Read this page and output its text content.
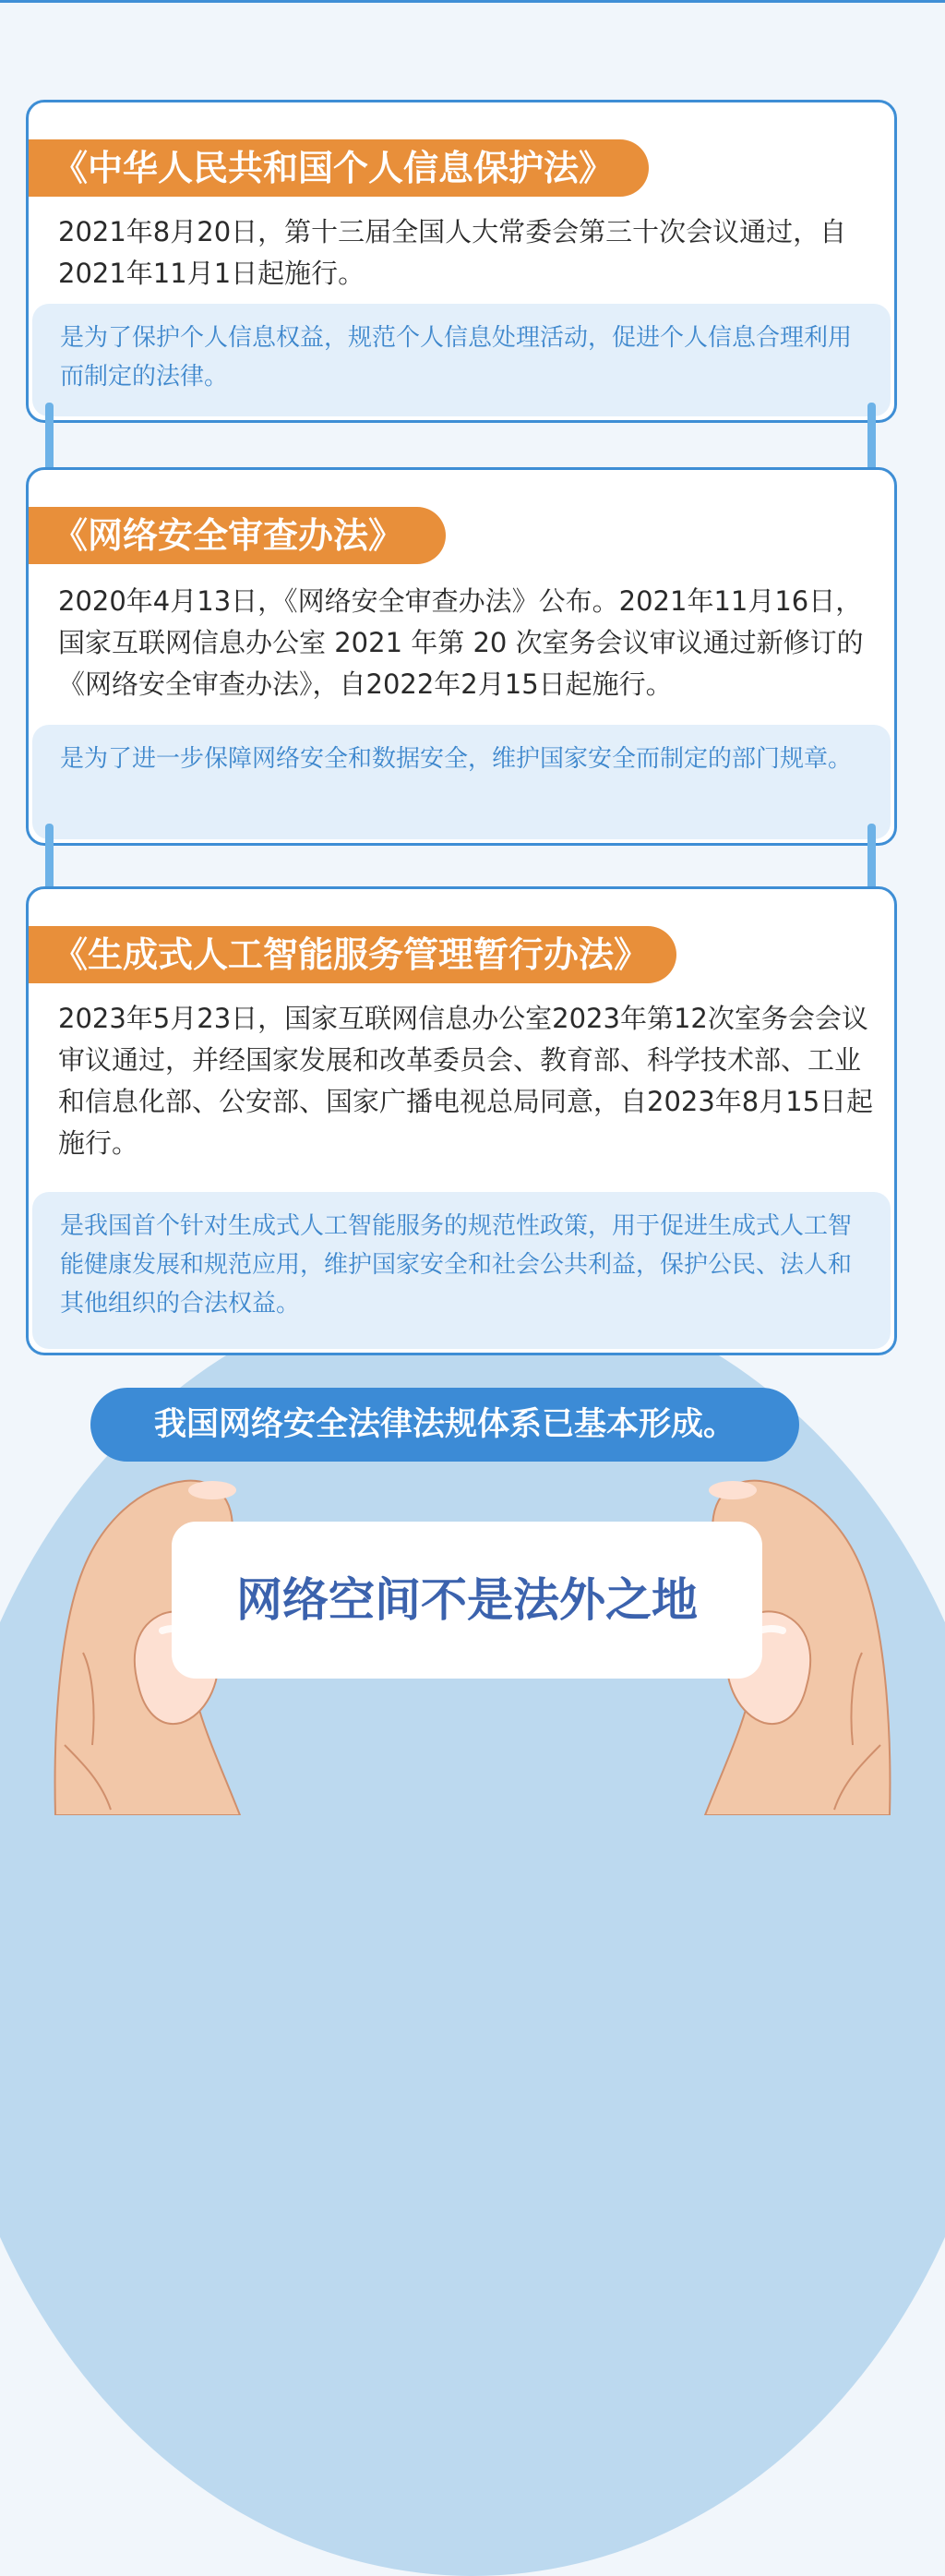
《中华人民共和国个人信息保护法》
2021年8月20日，第十三届全国人大常委会第三十次会议通过，自2021年11月1日起施行。
是为了保护个人信息权益，规范个人信息处理活动，促进个人信息合理利用而制定的法律。
《网络安全审查办法》
2020年4月13日，《网络安全审查办法》公布。2021年11月16日，国家互联网信息办公室 2021 年第 20 次室务会议审议通过新修订的《网络安全审查办法》，自2022年2月15日起施行。
是为了进一步保障网络安全和数据安全，维护国家安全而制定的部门规章。
《生成式人工智能服务管理暂行办法》
2023年5月23日，国家互联网信息办公室2023年第12次室务会会议审议通过，并经国家发展和改革委员会、教育部、科学技术部、工业和信息化部、公安部、国家广播电视总局同意，自2023年8月15日起施行。
是我国首个针对生成式人工智能服务的规范性政策，用于促进生成式人工智能健康发展和规范应用，维护国家安全和社会公共利益，保护公民、法人和其他组织的合法权益。
我国网络安全法律法规体系已基本形成。
网络空间不是法外之地
